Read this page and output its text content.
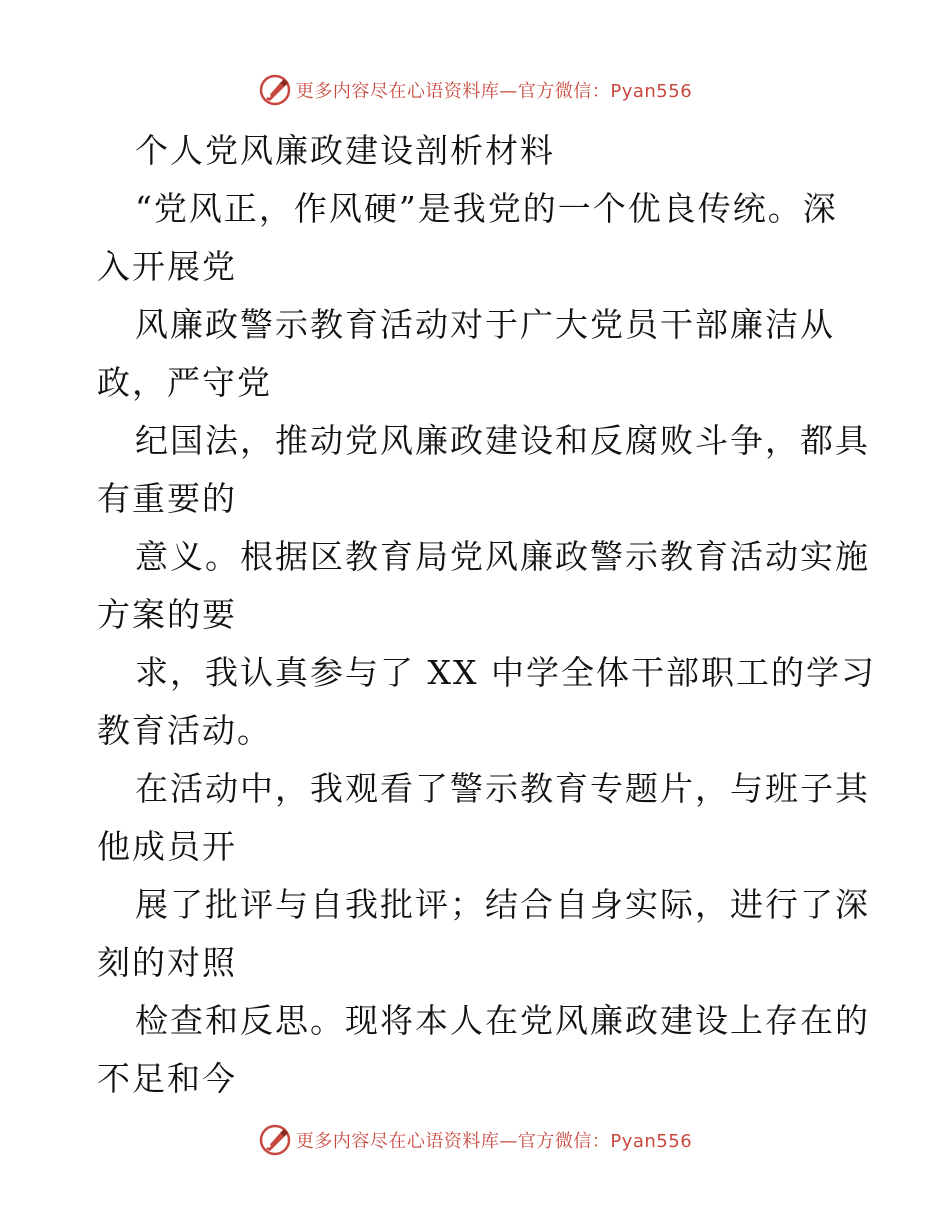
更多内容尽在心语资料库—官方微信：Pyan556
个人党风廉政建设剖析材料

“党风正，作风硬”是我党的一个优良传统。深

入开展党

风廉政警示教育活动对于广大党员干部廉洁从

政，严守党

纪国法，推动党风廉政建设和反腐败斗争，都具

有重要的

意义。根据区教育局党风廉政警示教育活动实施

方案的要

求，我认真参与了 XX 中学全体干部职工的学习

教育活动。

在活动中，我观看了警示教育专题片，与班子其

他成员开

展了批评与自我批评；结合自身实际，进行了深

刻的对照

检查和反思。现将本人在党风廉政建设上存在的

不足和今

更多内容尽在心语资料库—官方微信：Pyan556
